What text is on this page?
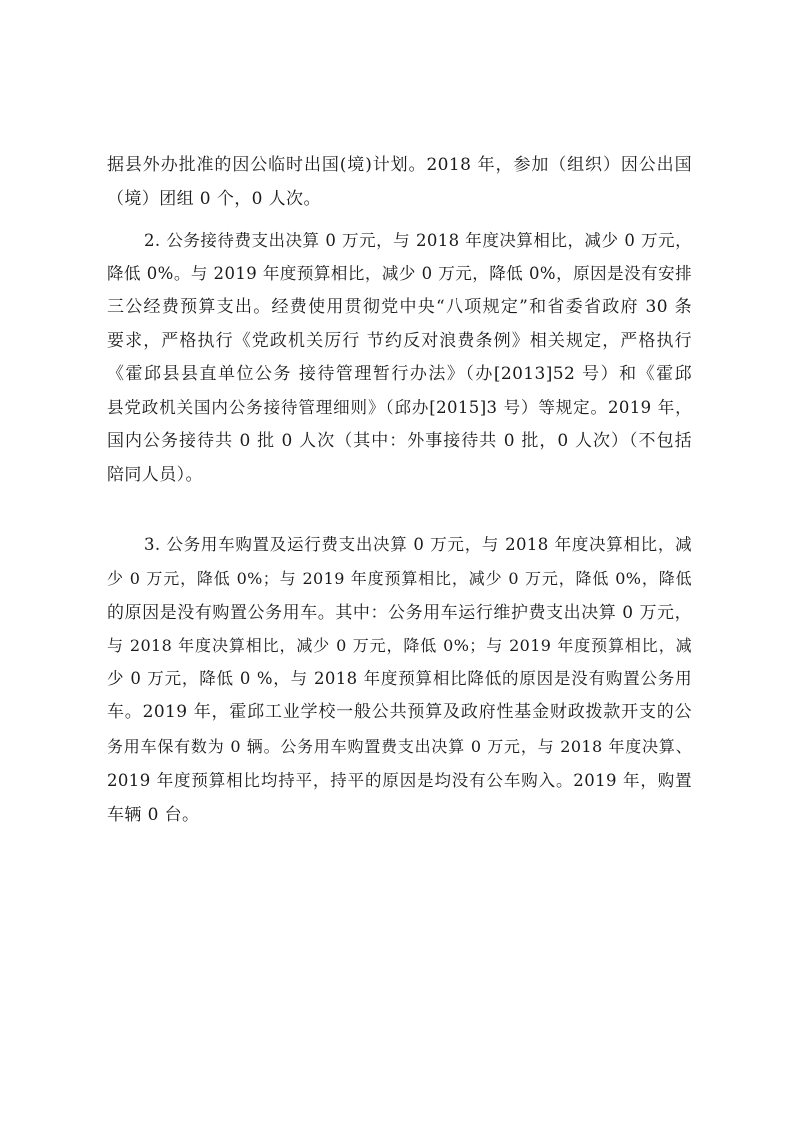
据县外办批准的因公临时出国(境)计划。2018 年，参加（组织）因公出国
（境）团组 0 个，0 人次。
2. 公务接待费支出决算 0 万元，与 2018 年度决算相比，减少 0 万元，
降低 0%。与 2019 年度预算相比，减少 0 万元，降低 0%，原因是没有安排
三公经费预算支出。经费使用贯彻党中央“八项规定”和省委省政府 30 条
要求，严格执行《党政机关厉行 节约反对浪费条例》相关规定，严格执行
《霍邱县县直单位公务 接待管理暂行办法》（办[2013]52 号）和《霍邱
县党政机关国内公务接待管理细则》（邱办[2015]3 号）等规定。2019 年，
国内公务接待共 0 批 0 人次（其中：外事接待共 0 批，0 人次）（不包括
陪同人员）。
3. 公务用车购置及运行费支出决算 0 万元，与 2018 年度决算相比，减
少 0 万元，降低 0%；与 2019 年度预算相比，减少 0 万元，降低 0%，降低
的原因是没有购置公务用车。其中：公务用车运行维护费支出决算 0 万元，
与 2018 年度决算相比，减少 0 万元，降低 0%；与 2019 年度预算相比，减
少 0 万元，降低 0 %，与 2018 年度预算相比降低的原因是没有购置公务用
车。2019 年，霍邱工业学校一般公共预算及政府性基金财政拨款开支的公
务用车保有数为 0 辆。公务用车购置费支出决算 0 万元，与 2018 年度决算、
2019 年度预算相比均持平，持平的原因是均没有公车购入。2019 年，购置
车辆 0 台。
